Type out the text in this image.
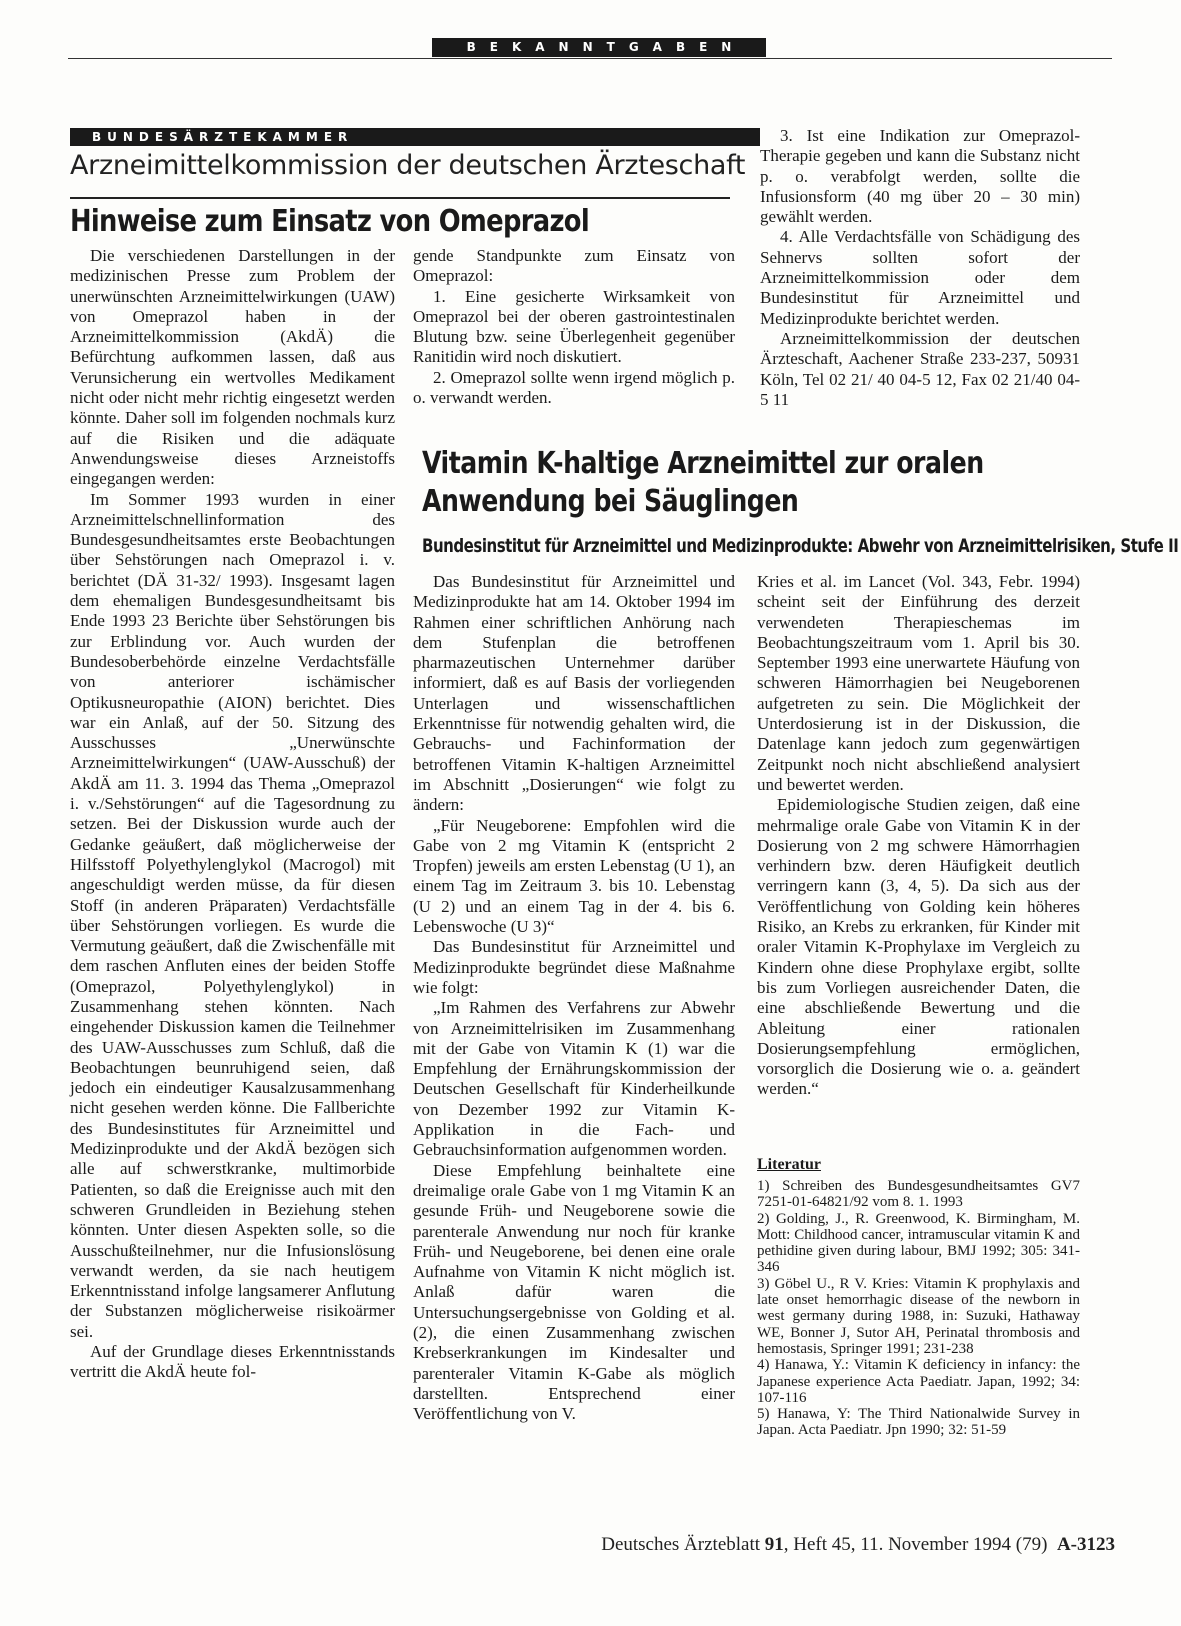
BEKANNTGABEN
BUNDESÄRZTEKAMMER
Arzneimittelkommission der deutschen Ärzteschaft
Hinweise zum Einsatz von Omeprazol

Die verschiedenen Darstellungen in der medizinischen Presse zum Problem der unerwünschten Arzneimittelwirkungen (UAW) von Omeprazol haben in der Arzneimittelkommission (AkdÄ) die Befürchtung aufkommen lassen, daß aus Verunsicherung ein wertvolles Medikament nicht oder nicht mehr richtig eingesetzt werden könnte. Daher soll im folgenden nochmals kurz auf die Risiken und die adäquate Anwendungsweise dieses Arzneistoffs eingegangen werden:

Im Sommer 1993 wurden in einer Arzneimittelschnellinformation des Bundesgesundheitsamtes erste Beobachtungen über Sehstörungen nach Omeprazol i. v. berichtet (DÄ 31-32/ 1993). Insgesamt lagen dem ehemaligen Bundesgesundheitsamt bis Ende 1993 23 Berichte über Sehstörungen bis zur Erblindung vor. Auch wurden der Bundesoberbehörde einzelne Verdachtsfälle von anteriorer ischämischer Optikusneuropathie (AION) berichtet. Dies war ein Anlaß, auf der 50. Sitzung des Ausschusses „Unerwünschte Arzneimittelwirkungen“ (UAW-Ausschuß) der AkdÄ am 11. 3. 1994 das Thema „Omeprazol i. v./Sehstörungen“ auf die Tagesordnung zu setzen. Bei der Diskussion wurde auch der Gedanke geäußert, daß möglicherweise der Hilfsstoff Polyethylenglykol (Macrogol) mit angeschuldigt werden müsse, da für diesen Stoff (in anderen Präparaten) Verdachtsfälle über Sehstörungen vorliegen. Es wurde die Vermutung geäußert, daß die Zwischenfälle mit dem raschen Anfluten eines der beiden Stoffe (Omeprazol, Polyethylenglykol) in Zusammenhang stehen könnten. Nach eingehender Diskussion kamen die Teilnehmer des UAW-Ausschusses zum Schluß, daß die Beobachtungen beunruhigend seien, daß jedoch ein eindeutiger Kausalzusammenhang nicht gesehen werden könne. Die Fallberichte des Bundesinstitutes für Arzneimittel und Medizinprodukte und der AkdÄ bezögen sich alle auf schwerstkranke, multimorbide Patienten, so daß die Ereignisse auch mit den schweren Grundleiden in Beziehung stehen könnten. Unter diesen Aspekten solle, so die Ausschußteilnehmer, nur die Infusionslösung verwandt werden, da sie nach heutigem Erkenntnisstand infolge langsamerer Anflutung der Substanzen möglicherweise risikoärmer sei.

Auf der Grundlage dieses Erkenntnisstands vertritt die AkdÄ heute fol-

gende Standpunkte zum Einsatz von Omeprazol:

1. Eine gesicherte Wirksamkeit von Omeprazol bei der oberen gastrointestinalen Blutung bzw. seine Überlegenheit gegenüber Ranitidin wird noch diskutiert.

2. Omeprazol sollte wenn irgend möglich p. o. verwandt werden.

3. Ist eine Indikation zur Omeprazol-Therapie gegeben und kann die Substanz nicht p. o. verabfolgt werden, sollte die Infusionsform (40 mg über 20 – 30 min) gewählt werden.

4. Alle Verdachtsfälle von Schädigung des Sehnervs sollten sofort der Arzneimittelkommission oder dem Bundesinstitut für Arzneimittel und Medizinprodukte berichtet werden.

Arzneimittelkommission der deutschen Ärzteschaft, Aachener Straße 233-237, 50931 Köln, Tel 02 21/ 40 04-5 12, Fax 02 21/40 04-5 11

Vitamin K-haltige Arzneimittel zur oralen Anwendung bei Säuglingen
Bundesinstitut für Arzneimittel und Medizinprodukte: Abwehr von Arzneimittelrisiken, Stufe II

Das Bundesinstitut für Arzneimittel und Medizinprodukte hat am 14. Oktober 1994 im Rahmen einer schriftlichen Anhörung nach dem Stufenplan die betroffenen pharmazeutischen Unternehmer darüber informiert, daß es auf Basis der vorliegenden Unterlagen und wissenschaftlichen Erkenntnisse für notwendig gehalten wird, die Gebrauchs- und Fachinformation der betroffenen Vitamin K-haltigen Arzneimittel im Abschnitt „Dosierungen“ wie folgt zu ändern:

„Für Neugeborene: Empfohlen wird die Gabe von 2 mg Vitamin K (entspricht 2 Tropfen) jeweils am ersten Lebenstag (U 1), an einem Tag im Zeitraum 3. bis 10. Lebenstag (U 2) und an einem Tag in der 4. bis 6. Lebenswoche (U 3)“

Das Bundesinstitut für Arzneimittel und Medizinprodukte begründet diese Maßnahme wie folgt:

„Im Rahmen des Verfahrens zur Abwehr von Arzneimittelrisiken im Zusammenhang mit der Gabe von Vitamin K (1) war die Empfehlung der Ernährungskommission der Deutschen Gesellschaft für Kinderheilkunde von Dezember 1992 zur Vitamin K-Applikation in die Fach- und Gebrauchsinformation aufgenommen worden.

Diese Empfehlung beinhaltete eine dreimalige orale Gabe von 1 mg Vitamin K an gesunde Früh- und Neugeborene sowie die parenterale Anwendung nur noch für kranke Früh- und Neugeborene, bei denen eine orale Aufnahme von Vitamin K nicht möglich ist. Anlaß dafür waren die Untersuchungsergebnisse von Golding et al. (2), die einen Zusammenhang zwischen Krebserkrankungen im Kindesalter und parenteraler Vitamin K-Gabe als möglich darstellten. Entsprechend einer Veröffentlichung von V.

Kries et al. im Lancet (Vol. 343, Febr. 1994) scheint seit der Einführung des derzeit verwendeten Therapieschemas im Beobachtungszeitraum vom 1. April bis 30. September 1993 eine unerwartete Häufung von schweren Hämorrhagien bei Neugeborenen aufgetreten zu sein. Die Möglichkeit der Unterdosierung ist in der Diskussion, die Datenlage kann jedoch zum gegenwärtigen Zeitpunkt noch nicht abschließend analysiert und bewertet werden.

Epidemiologische Studien zeigen, daß eine mehrmalige orale Gabe von Vitamin K in der Dosierung von 2 mg schwere Hämorrhagien verhindern bzw. deren Häufigkeit deutlich verringern kann (3, 4, 5). Da sich aus der Veröffentlichung von Golding kein höheres Risiko, an Krebs zu erkranken, für Kinder mit oraler Vitamin K-Prophylaxe im Vergleich zu Kindern ohne diese Prophylaxe ergibt, sollte bis zum Vorliegen ausreichender Daten, die eine abschließende Bewertung und die Ableitung einer rationalen Dosierungsempfehlung ermöglichen, vorsorglich die Dosierung wie o. a. geändert werden.“

Literatur

1) Schreiben des Bundesgesundheitsamtes GV7 7251-01-64821/92 vom 8. 1. 1993

2) Golding, J., R. Greenwood, K. Birmingham, M. Mott: Childhood cancer, intramuscular vitamin K and pethidine given during labour, BMJ 1992; 305: 341-346

3) Göbel U., R V. Kries: Vitamin K prophylaxis and late onset hemorrhagic disease of the newborn in west germany during 1988, in: Suzuki, Hathaway WE, Bonner J, Sutor AH, Perinatal thrombosis and hemostasis, Springer 1991; 231-238

4) Hanawa, Y.: Vitamin K deficiency in infancy: the Japanese experience Acta Paediatr. Japan, 1992; 34: 107-116

5) Hanawa, Y: The Third Nationalwide Survey in Japan. Acta Paediatr. Jpn 1990; 32: 51-59

Deutsches Ärzteblatt 91, Heft 45, 11. November 1994 (79) A-3123
